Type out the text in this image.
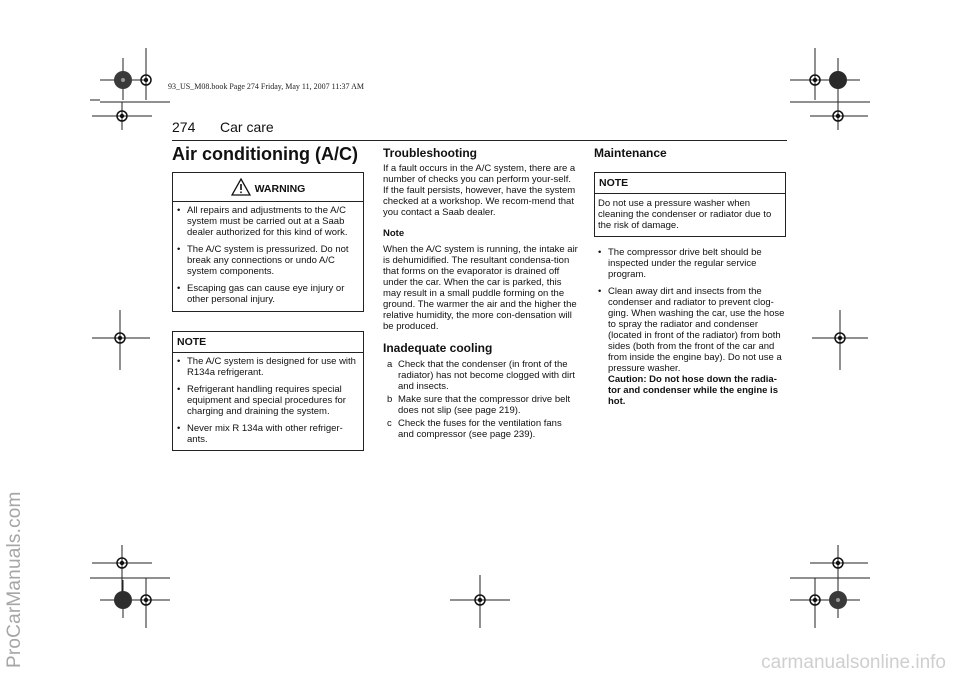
93_US_M08.book Page 274 Friday, May 11, 2007 11:37 AM
ProCarManuals.com
274 Car care
Air conditioning (A/C)
WARNING
• All repairs and adjustments to the A/C system must be carried out at a Saab dealer authorized for this kind of work.
• The A/C system is pressurized. Do not break any connections or undo A/C system components.
• Escaping gas can cause eye injury or other personal injury.
NOTE
• The A/C system is designed for use with R134a refrigerant.
• Refrigerant handling requires special equipment and special procedures for charging and draining the system.
• Never mix R 134a with other refriger-ants.
Troubleshooting
If a fault occurs in the A/C system, there are a number of checks you can perform your-self. If the fault persists, however, have the system checked at a workshop. We recom-mend that you contact a Saab dealer.
Note
When the A/C system is running, the intake air is dehumidified. The resultant condensa-tion that forms on the evaporator is drained off under the car. When the car is parked, this may result in a small puddle forming on the ground. The warmer the air and the higher the relative humidity, the more con-densation will be produced.
Inadequate cooling
a Check that the condenser (in front of the radiator) has not become clogged with dirt and insects.
b Make sure that the compressor drive belt does not slip (see page 219).
c Check the fuses for the ventilation fans and compressor (see page 239).
Maintenance
NOTE
Do not use a pressure washer when cleaning the condenser or radiator due to the risk of damage.
• The compressor drive belt should be inspected under the regular service program.
• Clean away dirt and insects from the condenser and radiator to prevent clog-ging. When washing the car, use the hose to spray the radiator and condenser (located in front of the radiator) from both sides (both from the front of the car and from inside the engine bay). Do not use a pressure washer.
Caution: Do not hose down the radia-tor and condenser while the engine is hot.
carmanualsonline.info
